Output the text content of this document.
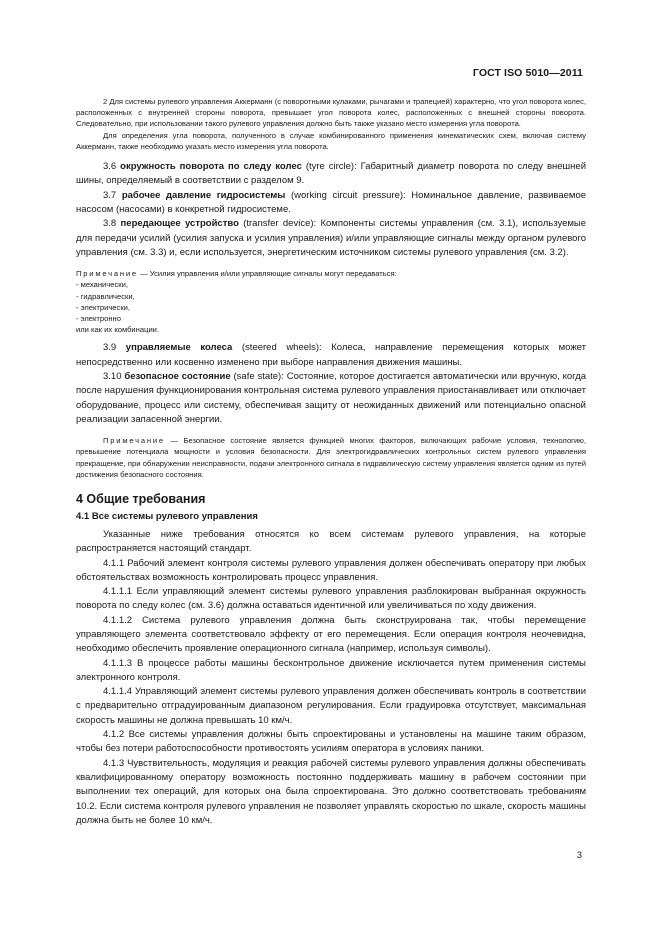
ГОСТ ISO 5010—2011

2 Для системы рулевого управления Аккерманн (с поворотными кулаками, рычагами и трапецией) характерно, что угол поворота колес, расположенных с внутренней стороны поворота, превышает угол поворота колес, расположенных с внешней стороны поворота. Следовательно, при использовании такого рулевого управления должно быть также указано место измерения угла поворота.

Для определения угла поворота, полученного в случае комбинированного применения кинематических схем, включая систему Аккерманн, также необходимо указать место измерения угла поворота.

3.6 окружность поворота по следу колес (tyre circle): Габаритный диаметр поворота по следу внешней шины, определяемый в соответствии с разделом 9.

3.7 рабочее давление гидросистемы (working circuit pressure): Номинальное давление, развиваемое насосом (насосами) в конкретной гидросистеме.

3.8 передающее устройство (transfer device): Компоненты системы управления (см. 3.1), используемые для передачи усилий (усилия запуска и усилия управления) и/или управляющие сигналы между органом рулевого управления (см. 3.3) и, если используется, энергетическим источником системы рулевого управления (см. 3.2).

Примечание — Усилия управления и/или управляющие сигналы могут передаваться:

- механически,

- гидравлически,

- электрически,

- электронно

или как их комбинации.

3.9 управляемые колеса (steered wheels): Колеса, направление перемещения которых может непосредственно или косвенно изменено при выборе направления движения машины.

3.10 безопасное состояние (safe state): Состояние, которое достигается автоматически или вручную, когда после нарушения функционирования контрольная система рулевого управления приостанавливает или отключает оборудование, процесс или систему, обеспечивая защиту от неожиданных движений или потенциально опасной реализации запасенной энергии.

Примечание — Безопасное состояние является функцией многих факторов, включающих рабочие условия, технологию, превышение потенциала мощности и условия безопасности. Для электрогидравлических контрольных систем рулевого управления прекращение, при обнаружении неисправности, подачи электронного сигнала в гидравлическую систему управления является одним из путей достижения безопасного состояния.

4 Общие требования
4.1 Все системы рулевого управления

Указанные ниже требования относятся ко всем системам рулевого управления, на которые распространяется настоящий стандарт.

4.1.1 Рабочий элемент контроля системы рулевого управления должен обеспечивать оператору при любых обстоятельствах возможность контролировать процесс управления.

4.1.1.1 Если управляющий элемент системы рулевого управления разблокирован выбранная окружность поворота по следу колес (см. 3.6) должна оставаться идентичной или увеличиваться по ходу движения.

4.1.1.2 Система рулевого управления должна быть сконструирована так, чтобы перемещение управляющего элемента соответствовало эффекту от его перемещения. Если операция контроля неочевидна, необходимо обеспечить проявление операционного сигнала (например, используя символы).

4.1.1.3 В процессе работы машины бесконтрольное движение исключается путем применения системы электронного контроля.

4.1.1.4 Управляющий элемент системы рулевого управления должен обеспечивать контроль в соответствии с предварительно отградуированным диапазоном регулирования. Если градуировка отсутствует, максимальная скорость машины не должна превышать 10 км/ч.

4.1.2 Все системы управления должны быть спроектированы и установлены на машине таким образом, чтобы без потери работоспособности противостоять усилиям оператора в условиях паники.

4.1.3 Чувствительность, модуляция и реакция рабочей системы рулевого управления должны обеспечивать квалифицированному оператору возможность постоянно поддерживать машину в рабочем состоянии при выполнении тех операций, для которых она была спроектирована. Это должно соответствовать требованиям 10.2. Если система контроля рулевого управления не позволяет управлять скоростью по шкале, скорость машины должна быть не более 10 км/ч.

3
